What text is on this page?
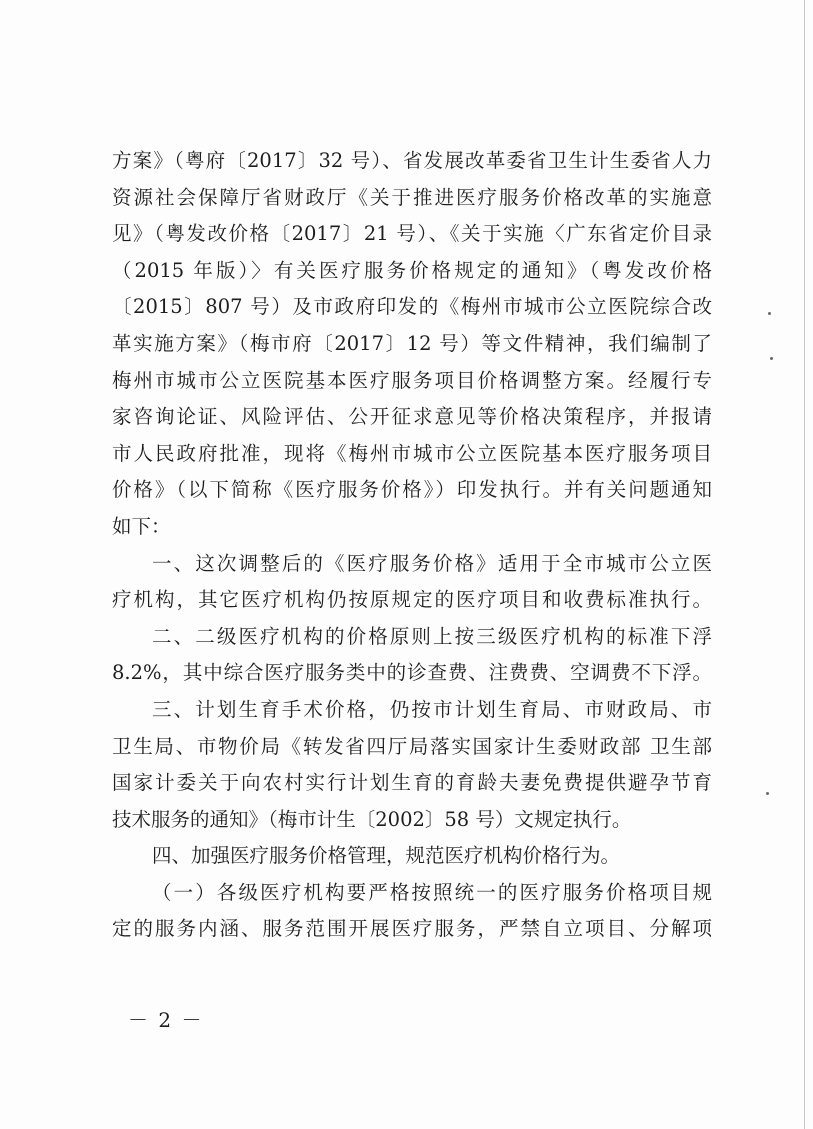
方案》（粤府〔2017〕32 号）、省发展改革委省卫生计生委省人力
资源社会保障厅省财政厅《关于推进医疗服务价格改革的实施意
见》（粤发改价格〔2017〕21 号）、《关于实施〈广东省定价目录
（2015 年版）〉有关医疗服务价格规定的通知》（粤发改价格
〔2015〕807 号）及市政府印发的《梅州市城市公立医院综合改
革实施方案》（梅市府〔2017〕12 号）等文件精神，我们编制了
梅州市城市公立医院基本医疗服务项目价格调整方案。经履行专
家咨询论证、风险评估、公开征求意见等价格决策程序，并报请
市人民政府批准，现将《梅州市城市公立医院基本医疗服务项目
价格》（以下简称《医疗服务价格》）印发执行。并有关问题通知
如下：
一、这次调整后的《医疗服务价格》适用于全市城市公立医
疗机构，其它医疗机构仍按原规定的医疗项目和收费标准执行。
二、二级医疗机构的价格原则上按三级医疗机构的标准下浮
8.2%，其中综合医疗服务类中的诊查费、注费费、空调费不下浮。
三、计划生育手术价格，仍按市计划生育局、市财政局、市
卫生局、市物价局《转发省四厅局落实国家计生委财政部 卫生部
国家计委关于向农村实行计划生育的育龄夫妻免费提供避孕节育
技术服务的通知》（梅市计生〔2002〕58 号）文规定执行。
四、加强医疗服务价格管理，规范医疗机构价格行为。
（一）各级医疗机构要严格按照统一的医疗服务价格项目规
定的服务内涵、服务范围开展医疗服务，严禁自立项目、分解项
－ 2 －
